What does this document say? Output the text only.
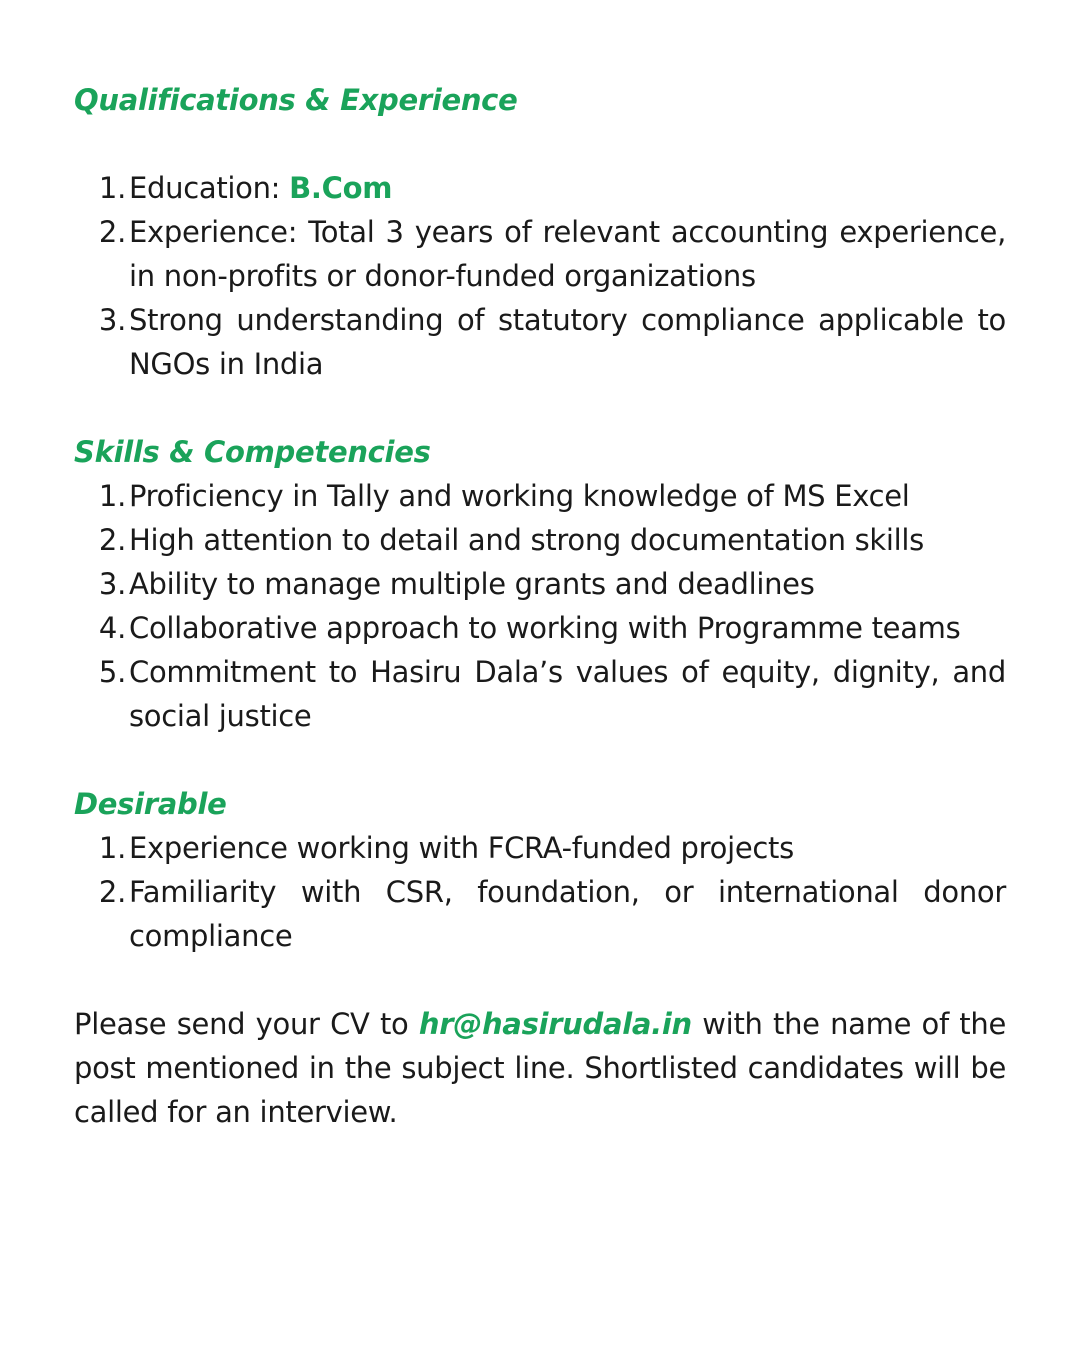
Qualifications & Experience
1. Education: B.Com
2. Experience: Total 3 years of relevant accounting experience, in non-profits or donor-funded organizations
3. Strong understanding of statutory compliance applicable to NGOs in India
Skills & Competencies
1. Proficiency in Tally and working knowledge of MS Excel
2. High attention to detail and strong documentation skills
3. Ability to manage multiple grants and deadlines
4. Collaborative approach to working with Programme teams
5. Commitment to Hasiru Dala’s values of equity, dignity, and social justice
Desirable
1. Experience working with FCRA-funded projects
2. Familiarity with CSR, foundation, or international donor compliance

Please send your CV to hr@hasirudala.in with the name of the post mentioned in the subject line. Shortlisted candidates will be called for an interview.
